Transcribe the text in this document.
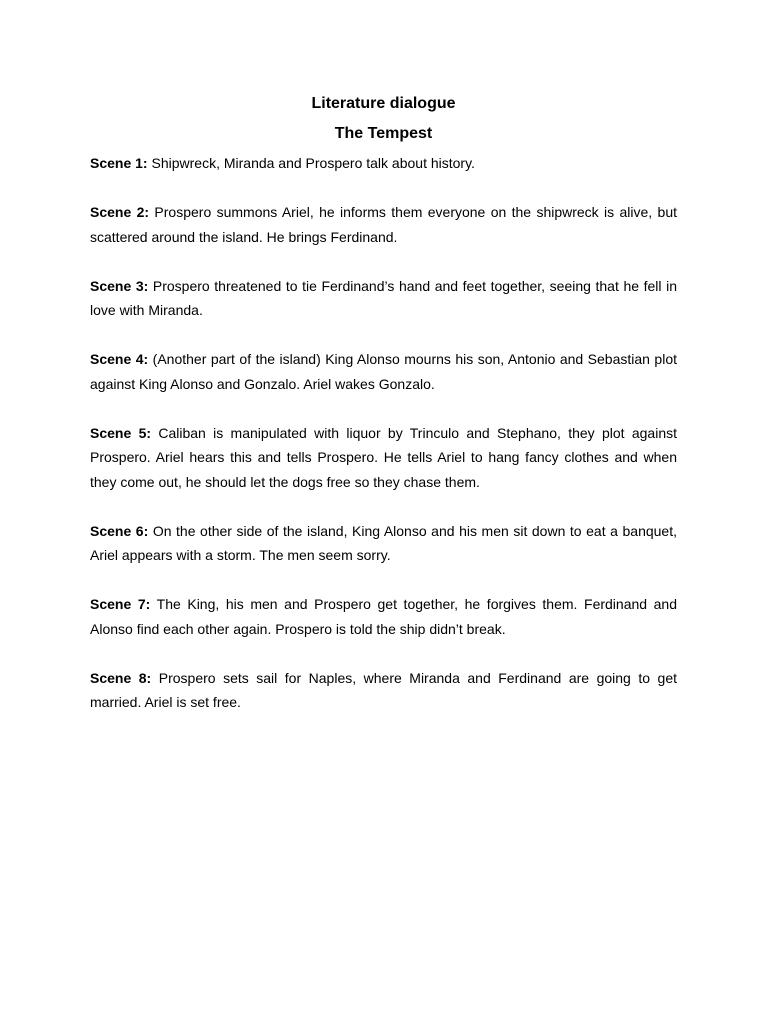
Literature dialogue
The Tempest

Scene 1: Shipwreck, Miranda and Prospero talk about history.

Scene 2: Prospero summons Ariel, he informs them everyone on the shipwreck is alive, but scattered around the island. He brings Ferdinand.

Scene 3: Prospero threatened to tie Ferdinand’s hand and feet together, seeing that he fell in love with Miranda.

Scene 4: (Another part of the island) King Alonso mourns his son, Antonio and Sebastian plot against King Alonso and Gonzalo. Ariel wakes Gonzalo.

Scene 5: Caliban is manipulated with liquor by Trinculo and Stephano, they plot against Prospero. Ariel hears this and tells Prospero. He tells Ariel to hang fancy clothes and when they come out, he should let the dogs free so they chase them.

Scene 6: On the other side of the island, King Alonso and his men sit down to eat a banquet, Ariel appears with a storm. The men seem sorry.

Scene 7: The King, his men and Prospero get together, he forgives them. Ferdinand and Alonso find each other again. Prospero is told the ship didn’t break.

Scene 8: Prospero sets sail for Naples, where Miranda and Ferdinand are going to get married. Ariel is set free.
